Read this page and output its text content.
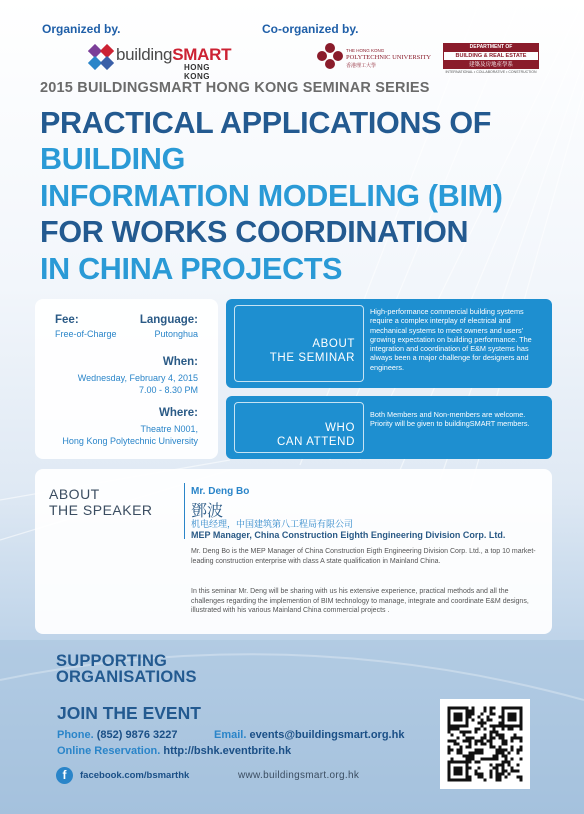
Organized by.	Co-organized by.
buildingSMART
HONG KONG
THE HONG KONG
POLYTECHNIC UNIVERSITY
香港理工大學
DEPARTMENT OF
BUILDING & REAL ESTATE
建築及房地產學系
INTERNATIONAL • COLLABORATIVE • CONSTRUCTION
2015 BUILDINGSMART HONG KONG SEMINAR SERIES
PRACTICAL APPLICATIONS OF
BUILDING
INFORMATION MODELING (BIM)
FOR WORKS COORDINATION
IN CHINA PROJECTS
Fee:
Free-of-Charge
Language:
Putonghua
When:
Wednesday, February 4, 2015
7.00 - 8.30 PM
Where:
Theatre N001,
Hong Kong Polytechnic University
ABOUT
THE SEMINAR
High-performance commercial building systems require a complex interplay of electrical and mechanical systems to meet owners and users' growing expectation on building performance. The integration and coordination of E&M systems has always been a major challenge for designers and engineers.
WHO
CAN ATTEND
Both Members and Non-members are welcome. Priority will be given to buildingSMART members.
ABOUT
THE SPEAKER
Mr. Deng Bo
鄧波
机电经理，中国建筑第八工程局有限公司
MEP Manager, China Construction Eighth Engineering Division Corp. Ltd.
Mr. Deng Bo is the MEP Manager of China Construction Eigth Engineering Division Corp. Ltd., a top 10 market-leading construction enterprise with class A state qualification in Mainland China.
In this seminar Mr. Deng will be sharing with us his extensive experience, practical methods and all the challenges regarding the implemention of BIM technology to manage, integrate and coordinate E&M designs, illustrated with his various Mainland China commercial projects .
SUPPORTING
ORGANISATIONS
JOIN THE EVENT
Phone. (852) 9876 3227	Email. events@buildingsmart.org.hk
Online Reservation. http://bshk.eventbrite.hk
f	facebook.com/bsmarthk	www.buildingsmart.org.hk
